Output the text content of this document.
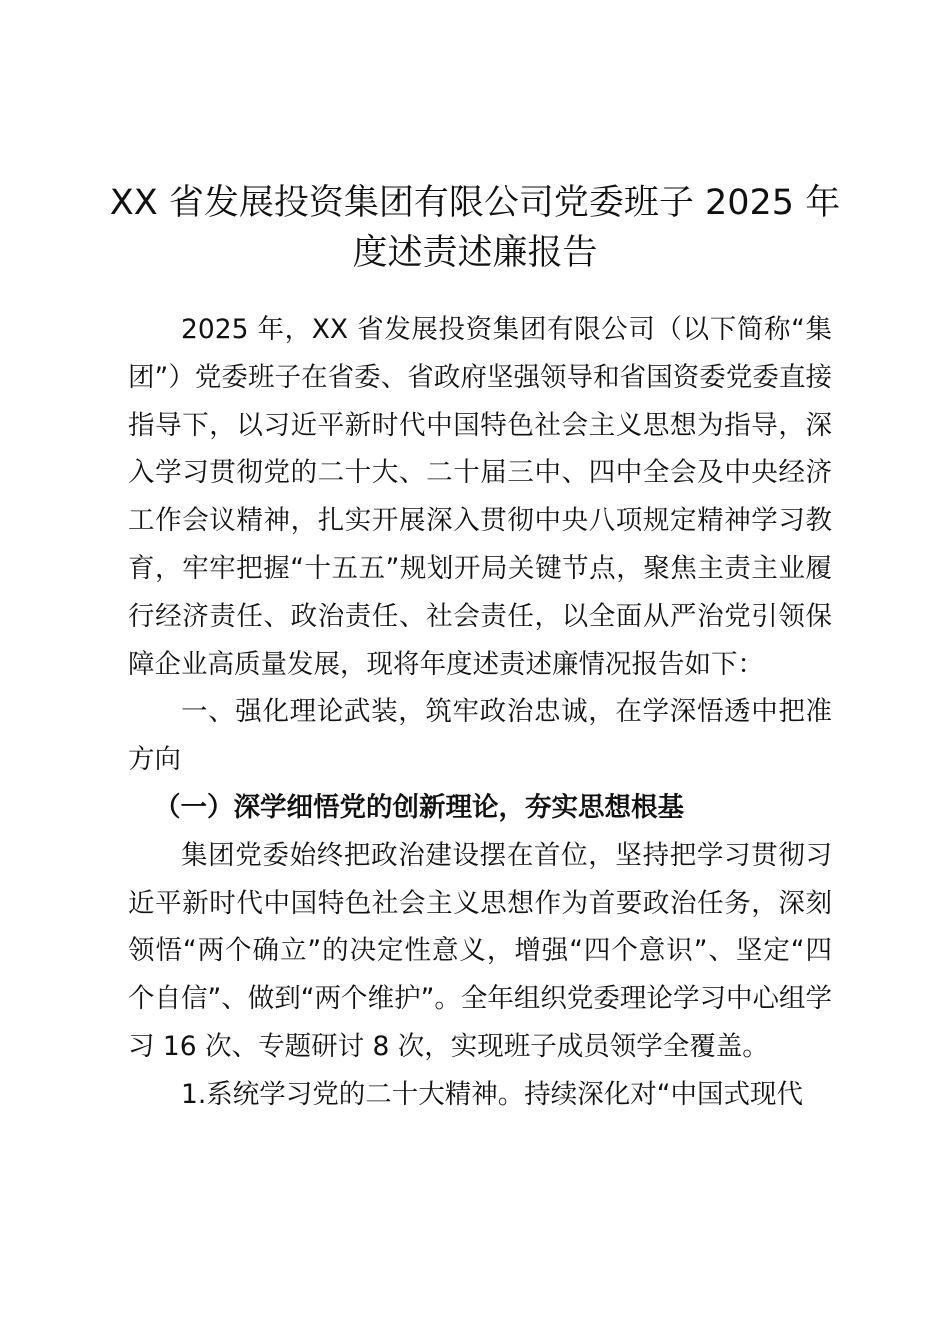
XX 省发展投资集团有限公司党委班子 2025 年度述责述廉报告

2025 年，XX 省发展投资集团有限公司（以下简称“集团”）党委班子在省委、省政府坚强领导和省国资委党委直接指导下，以习近平新时代中国特色社会主义思想为指导，深入学习贯彻党的二十大、二十届三中、四中全会及中央经济工作会议精神，扎实开展深入贯彻中央八项规定精神学习教育，牢牢把握“十五五”规划开局关键节点，聚焦主责主业履行经济责任、政治责任、社会责任，以全面从严治党引领保障企业高质量发展，现将年度述责述廉情况报告如下：

一、强化理论武装，筑牢政治忠诚，在学深悟透中把准方向

（一）深学细悟党的创新理论，夯实思想根基

集团党委始终把政治建设摆在首位，坚持把学习贯彻习近平新时代中国特色社会主义思想作为首要政治任务，深刻领悟“两个确立”的决定性意义，增强“四个意识”、坚定“四个自信”、做到“两个维护”。全年组织党委理论学习中心组学习 16 次、专题研讨 8 次，实现班子成员领学全覆盖。

1.系统学习党的二十大精神。持续深化对“中国式现代
